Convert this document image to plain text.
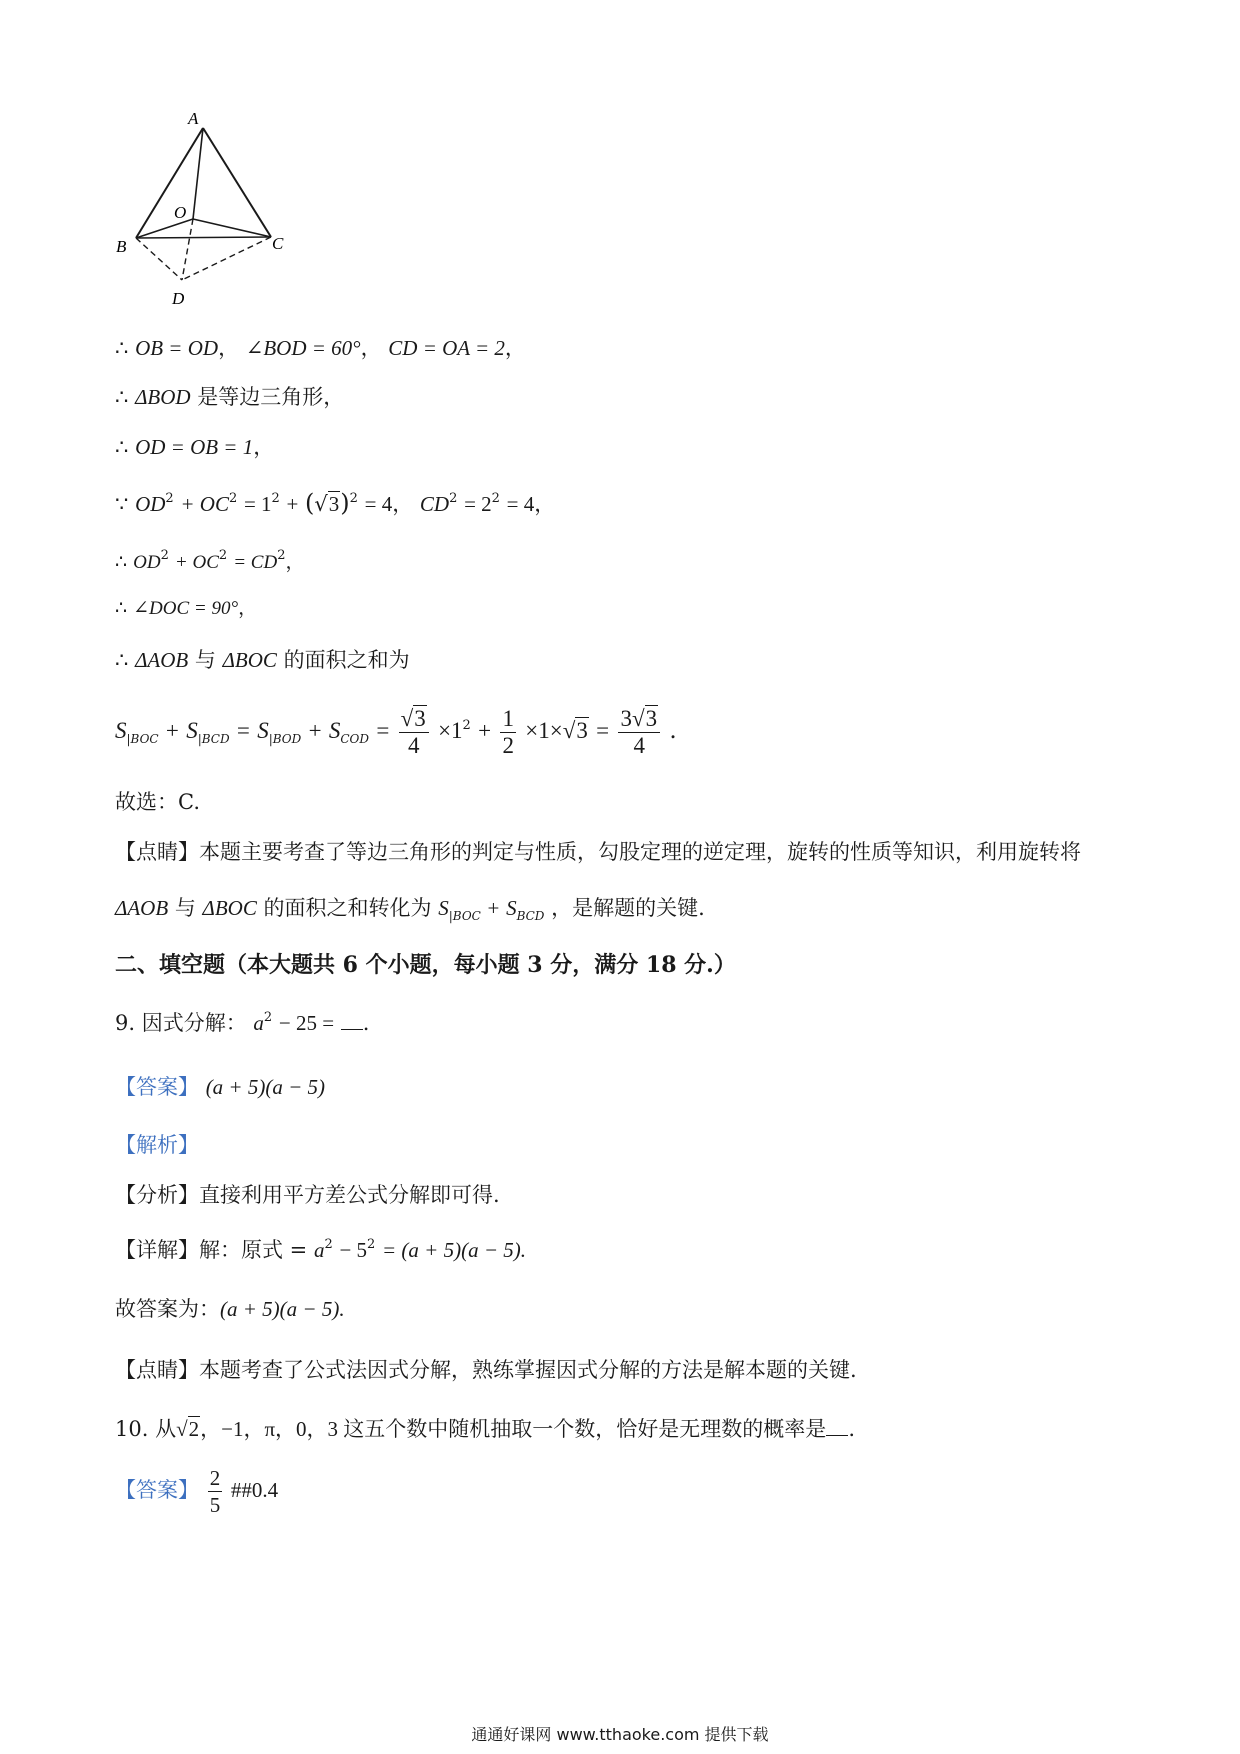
A
B	C
O
D
∴ OB = OD， ∠BOD = 60°， CD = OA = 2，
∴ ΔBOD 是等边三角形，
∴ OD = OB = 1，
∵ $OD^2 + OC^2 = 1^2 + (√3)^2 = 4$， $CD^2 = 2^2 = 4$，
∴ $OD^2 + OC^2 = CD^2$，
∴ ∠DOC = 90°，
∴ ΔAOB 与 ΔBOC 的面积之和为
$S_{|BOC} + S_{|BCD} = S_{|BOD} + S_{COD} = \frac{√3}{4} \times 1^2 + \frac{1}{2} \times 1\times√3 = \frac{3√3}{4}$ .
故选：C.
【点睛】本题主要考查了等边三角形的判定与性质，勾股定理的逆定理，旋转的性质等知识，利用旋转将
ΔAOB 与 ΔBOC 的面积之和转化为 $S_{|BOC} + S_{BCD}$ ，是解题的关键.
二、填空题（本大题共 6 个小题，每小题 3 分，满分 18 分.）
9. 因式分解： $a^2 - 25$ = .
【答案】 (a + 5)(a − 5)
【解析】
【分析】直接利用平方差公式分解即可得.
【详解】解：原式 = $a^2 - 5^2 = (a + 5)(a - 5)$.
故答案为：(a + 5)(a − 5).
【点睛】本题考查了公式法因式分解，熟练掌握因式分解的方法是解本题的关键.
10. 从√2，−1，π，0，3 这五个数中随机抽取一个数，恰好是无理数的概率是 .
【答案】 $\frac{2}{5}$ ##0.4
通通好课网 www.tthaoke.com 提供下载
